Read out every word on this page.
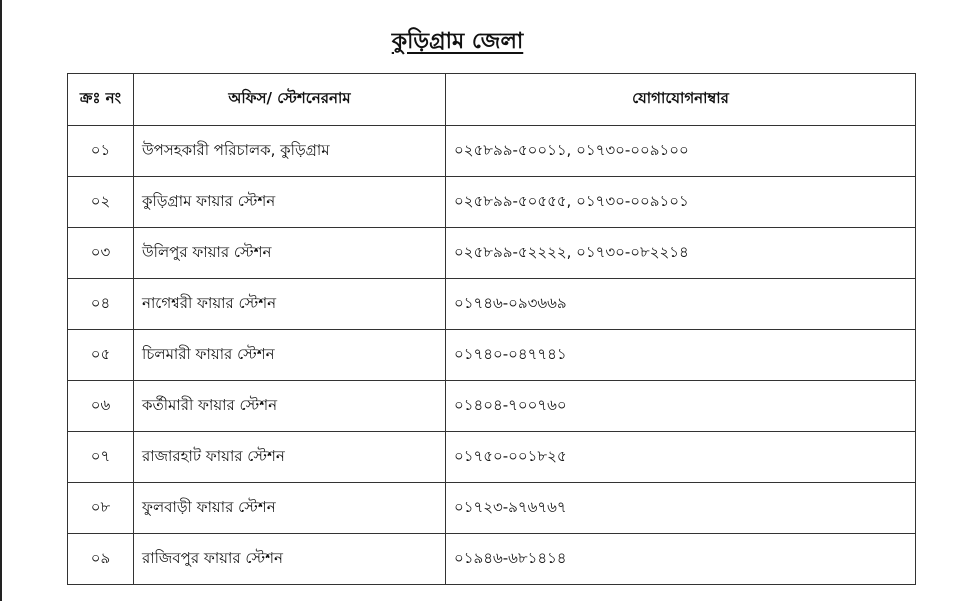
কুড়িগ্রাম জেলা
ক্রঃ নং	অফিস/ স্টেশনেরনাম	যোগাযোগনাম্বার
০১	উপসহকারী পরিচালক, কুড়িগ্রাম	০২৫৮৯৯-৫০০১১, ০১৭৩০-০০৯১০০
০২	কুড়িগ্রাম ফায়ার স্টেশন	০২৫৮৯৯-৫০৫৫৫, ০১৭৩০-০০৯১০১
০৩	উলিপুর ফায়ার স্টেশন	০২৫৮৯৯-৫২২২২, ০১৭৩০-০৮২২১৪
০৪	নাগেশ্বরী ফায়ার স্টেশন	০১৭৪৬-০৯৩৬৬৯
০৫	চিলমারী ফায়ার স্টেশন	০১৭৪০-০৪৭৭৪১
০৬	কর্তীমারী ফায়ার স্টেশন	০১৪০৪-৭০০৭৬০
০৭	রাজারহাট ফায়ার স্টেশন	০১৭৫০-০০১৮২৫
০৮	ফুলবাড়ী ফায়ার স্টেশন	০১৭২৩-৯৭৬৭৬৭
০৯	রাজিবপুর ফায়ার স্টেশন	০১৯৪৬-৬৮১৪১৪
